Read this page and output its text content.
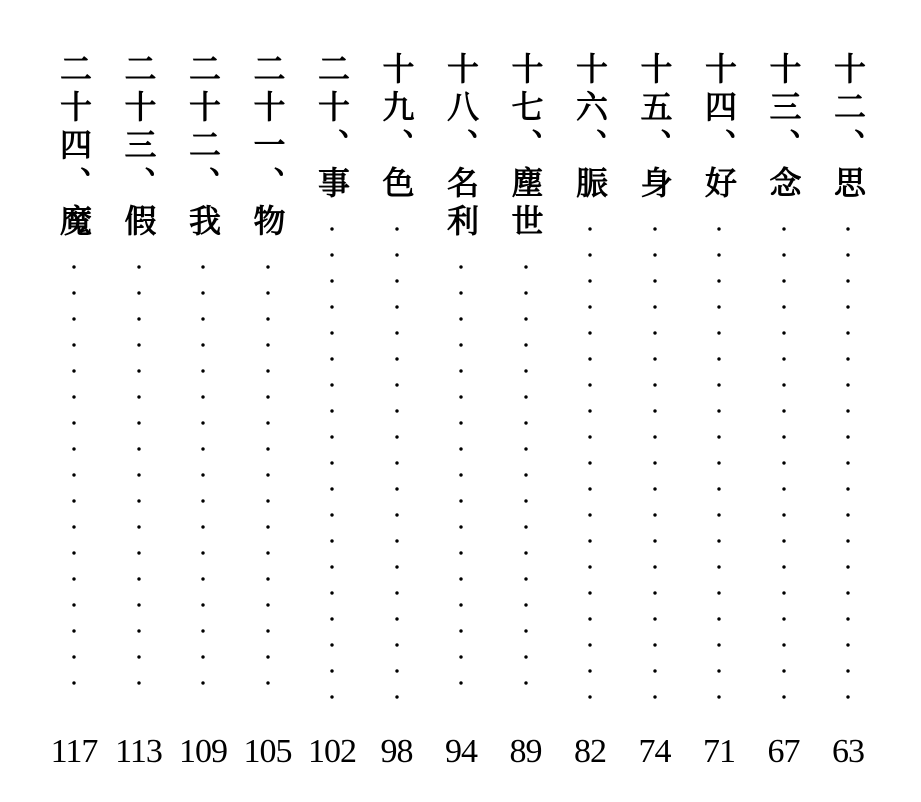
十二、思
63
十三、念
67
十四、好
71
十五、身
74
十六、脤
82
十七、塵世
89
十八、名利
94
十九、色
98
二十、事
102
二十一、物
105
二十二、我
109
二十三、假
113
二十四、魔
117
